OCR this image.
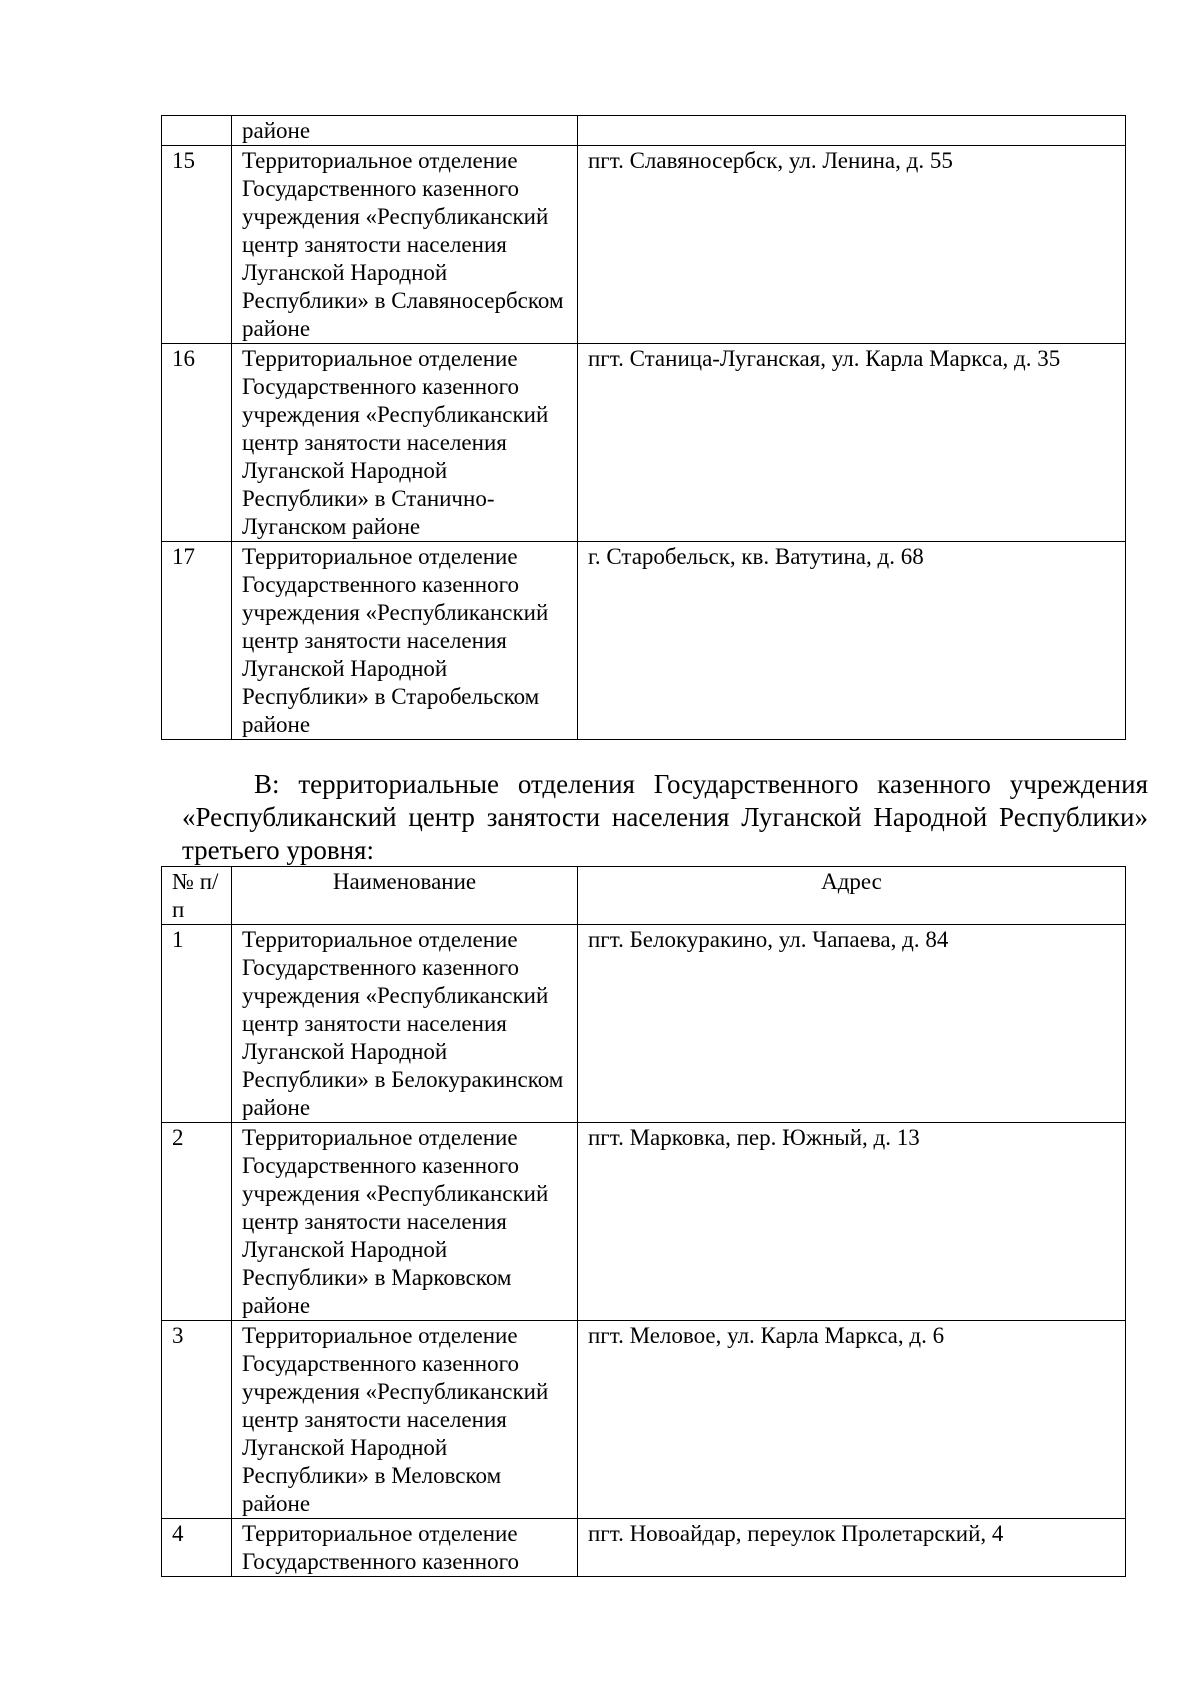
	районе	
15	Территориальное отделение Государственного казенного учреждения «Республиканский центр занятости населения Луганской Народной Республики» в Славяносербском районе	пгт. Славяносербск, ул. Ленина, д. 55
16	Территориальное отделение Государственного казенного учреждения «Республиканский центр занятости населения Луганской Народной Республики» в Станично-Луганском районе	пгт. Станица-Луганская, ул. Карла Маркса, д. 35
17	Территориальное отделение Государственного казенного учреждения «Республиканский центр занятости населения Луганской Народной Республики» в Старобельском районе	г. Старобельск, кв. Ватутина, д. 68

В: территориальные отделения Государственного казенного учреждения «Республиканский центр занятости населения Луганской Народной Республики» третьего уровня:

№ п/п	Наименование	Адрес
1	Территориальное отделение Государственного казенного учреждения «Республиканский центр занятости населения Луганской Народной Республики» в Белокуракинском районе	пгт. Белокуракино, ул. Чапаева, д. 84
2	Территориальное отделение Государственного казенного учреждения «Республиканский центр занятости населения Луганской Народной Республики» в Марковском районе	пгт. Марковка, пер. Южный, д. 13
3	Территориальное отделение Государственного казенного учреждения «Республиканский центр занятости населения Луганской Народной Республики» в Меловском районе	пгт. Меловое, ул. Карла Маркса, д. 6
4	Территориальное отделение Государственного казенного	пгт. Новоайдар, переулок Пролетарский, 4
